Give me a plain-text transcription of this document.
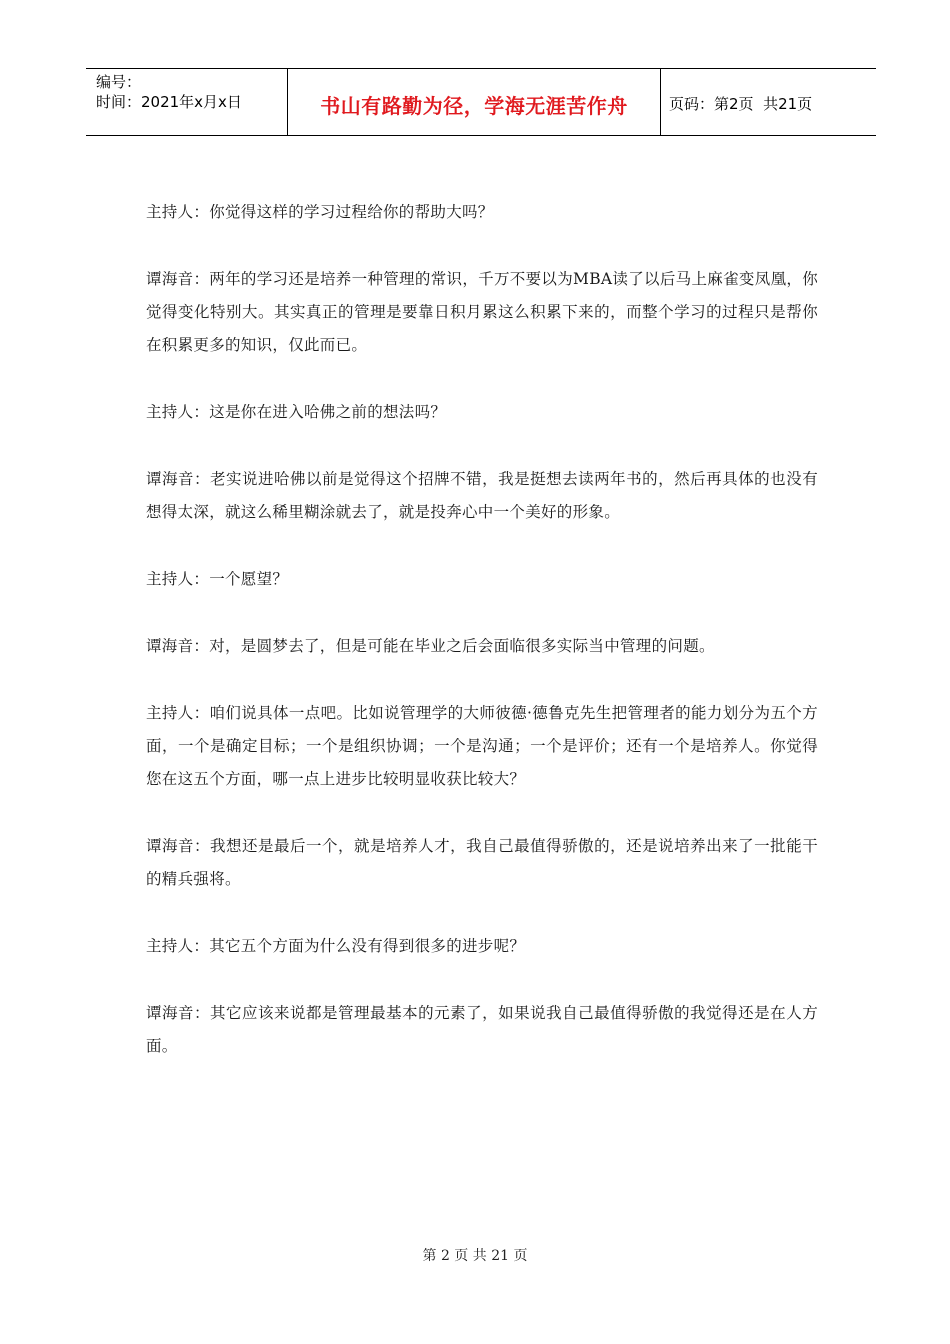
编号：
时间：2021年x月x日	书山有路勤为径，学海无涯苦作舟	页码：第2页  共21页

主持人：你觉得这样的学习过程给你的帮助大吗？

谭海音：两年的学习还是培养一种管理的常识，千万不要以为MBA读了以后马上麻雀变凤凰，你觉得变化特别大。其实真正的管理是要靠日积月累这么积累下来的，而整个学习的过程只是帮你在积累更多的知识，仅此而已。

主持人：这是你在进入哈佛之前的想法吗？

谭海音：老实说进哈佛以前是觉得这个招牌不错，我是挺想去读两年书的，然后再具体的也没有想得太深，就这么稀里糊涂就去了，就是投奔心中一个美好的形象。

主持人：一个愿望？

谭海音：对，是圆梦去了，但是可能在毕业之后会面临很多实际当中管理的问题。

主持人：咱们说具体一点吧。比如说管理学的大师彼德·德鲁克先生把管理者的能力划分为五个方面，一个是确定目标；一个是组织协调；一个是沟通；一个是评价；还有一个是培养人。你觉得您在这五个方面，哪一点上进步比较明显收获比较大？

谭海音：我想还是最后一个，就是培养人才，我自己最值得骄傲的，还是说培养出来了一批能干的精兵强将。

主持人：其它五个方面为什么没有得到很多的进步呢？

谭海音：其它应该来说都是管理最基本的元素了，如果说我自己最值得骄傲的我觉得还是在人方面。

第 2 页 共 21 页
